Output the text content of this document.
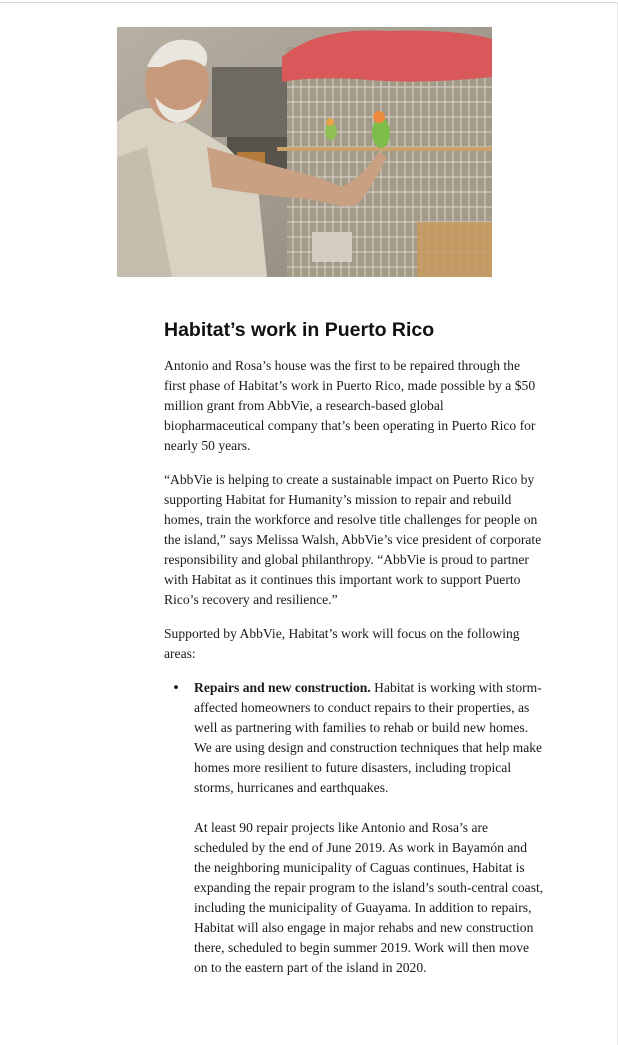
Habitat’s work in Puerto Rico

Antonio and Rosa’s house was the first to be repaired through the first phase of Habitat’s work in Puerto Rico, made possible by a $50 million grant from AbbVie, a research-based global biopharmaceutical company that’s been operating in Puerto Rico for nearly 50 years.

“AbbVie is helping to create a sustainable impact on Puerto Rico by supporting Habitat for Humanity’s mission to repair and rebuild homes, train the workforce and resolve title challenges for people on the island,” says Melissa Walsh, AbbVie’s vice president of corporate responsibility and global philanthropy. “AbbVie is proud to partner with Habitat as it continues this important work to support Puerto Rico’s recovery and resilience.”

Supported by AbbVie, Habitat’s work will focus on the following areas:

• Repairs and new construction. Habitat is working with storm-affected homeowners to conduct repairs to their properties, as well as partnering with families to rehab or build new homes. We are using design and construction techniques that help make homes more resilient to future disasters, including tropical storms, hurricanes and earthquakes.

At least 90 repair projects like Antonio and Rosa’s are scheduled by the end of June 2019. As work in Bayamón and the neighboring municipality of Caguas continues, Habitat is expanding the repair program to the island’s south-central coast, including the municipality of Guayama. In addition to repairs, Habitat will also engage in major rehabs and new construction there, scheduled to begin summer 2019. Work will then move on to the eastern part of the island in 2020.
